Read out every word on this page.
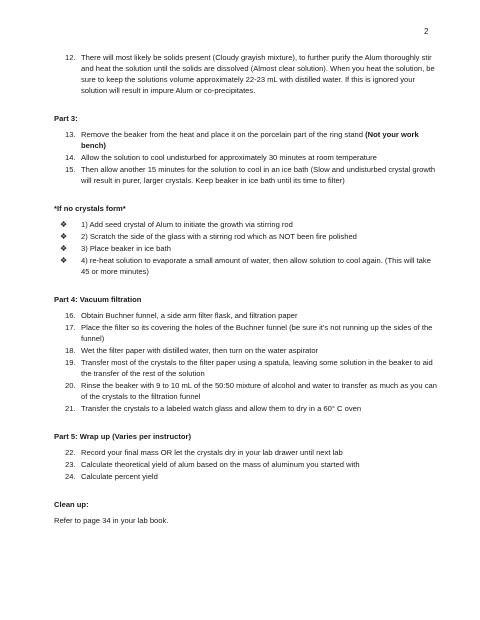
2
12. There will most likely be solids present (Cloudy grayish mixture), to further purify the Alum thoroughly stir and heat the solution until the solids are dissolved (Almost clear solution). When you heat the solution, be sure to keep the solutions volume approximately 22-23 mL with distilled water. If this is ignored your solution will result in impure Alum or co-precipitates.
Part 3:
13. Remove the beaker from the heat and place it on the porcelain part of the ring stand (Not your work bench)
14. Allow the solution to cool undisturbed for approximately 30 minutes at room temperature
15. Then allow another 15 minutes for the solution to cool in an ice bath (Slow and undisturbed crystal growth will result in purer, larger crystals. Keep beaker in ice bath until its time to filter)
*If no crystals form*
❖ 1) Add seed crystal of Alum to initiate the growth via stirring rod
❖ 2) Scratch the side of the glass with a stirring rod which as NOT been fire polished
❖ 3) Place beaker in ice bath
❖ 4) re-heat solution to evaporate a small amount of water, then allow solution to cool again. (This will take 45 or more minutes)
Part 4: Vacuum filtration
16. Obtain Buchner funnel, a side arm filter flask, and filtration paper
17. Place the filter so its covering the holes of the Buchner funnel (be sure it's not running up the sides of the funnel)
18. Wet the filter paper with distilled water, then turn on the water aspirator
19. Transfer most of the crystals to the filter paper using a spatula, leaving some solution in the beaker to aid the transfer of the rest of the solution
20. Rinse the beaker with 9 to 10 mL of the 50:50 mixture of alcohol and water to transfer as much as you can of the crystals to the filtration funnel
21. Transfer the crystals to a labeled watch glass and allow them to dry in a 60° C oven
Part 5: Wrap up (Varies per instructor)
22. Record your final mass OR let the crystals dry in your lab drawer until next lab
23. Calculate theoretical yield of alum based on the mass of aluminum you started with
24. Calculate percent yield
Clean up:
Refer to page 34 in your lab book.
